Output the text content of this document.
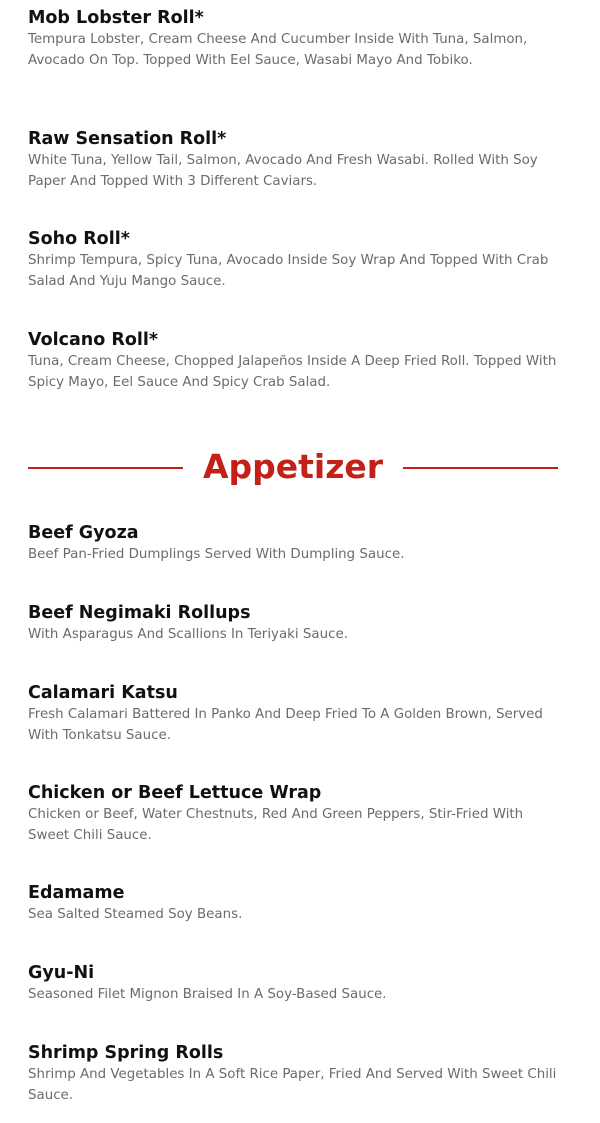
Mob Lobster Roll*
Tempura Lobster, Cream Cheese And Cucumber Inside With Tuna, Salmon, Avocado On Top. Topped With Eel Sauce, Wasabi Mayo And Tobiko.
Raw Sensation Roll*
White Tuna, Yellow Tail, Salmon, Avocado And Fresh Wasabi. Rolled With Soy Paper And Topped With 3 Different Caviars.
Soho Roll*
Shrimp Tempura, Spicy Tuna, Avocado Inside Soy Wrap And Topped With Crab Salad And Yuju Mango Sauce.
Volcano Roll*
Tuna, Cream Cheese, Chopped Jalapeños Inside A Deep Fried Roll. Topped With Spicy Mayo, Eel Sauce And Spicy Crab Salad.
Appetizer
Beef Gyoza
Beef Pan-Fried Dumplings Served With Dumpling Sauce.
Beef Negimaki Rollups
With Asparagus And Scallions In Teriyaki Sauce.
Calamari Katsu
Fresh Calamari Battered In Panko And Deep Fried To A Golden Brown, Served With Tonkatsu Sauce.
Chicken or Beef Lettuce Wrap
Chicken or Beef, Water Chestnuts, Red And Green Peppers, Stir-Fried With Sweet Chili Sauce.
Edamame
Sea Salted Steamed Soy Beans.
Gyu-Ni
Seasoned Filet Mignon Braised In A Soy-Based Sauce.
Shrimp Spring Rolls
Shrimp And Vegetables In A Soft Rice Paper, Fried And Served With Sweet Chili Sauce.
